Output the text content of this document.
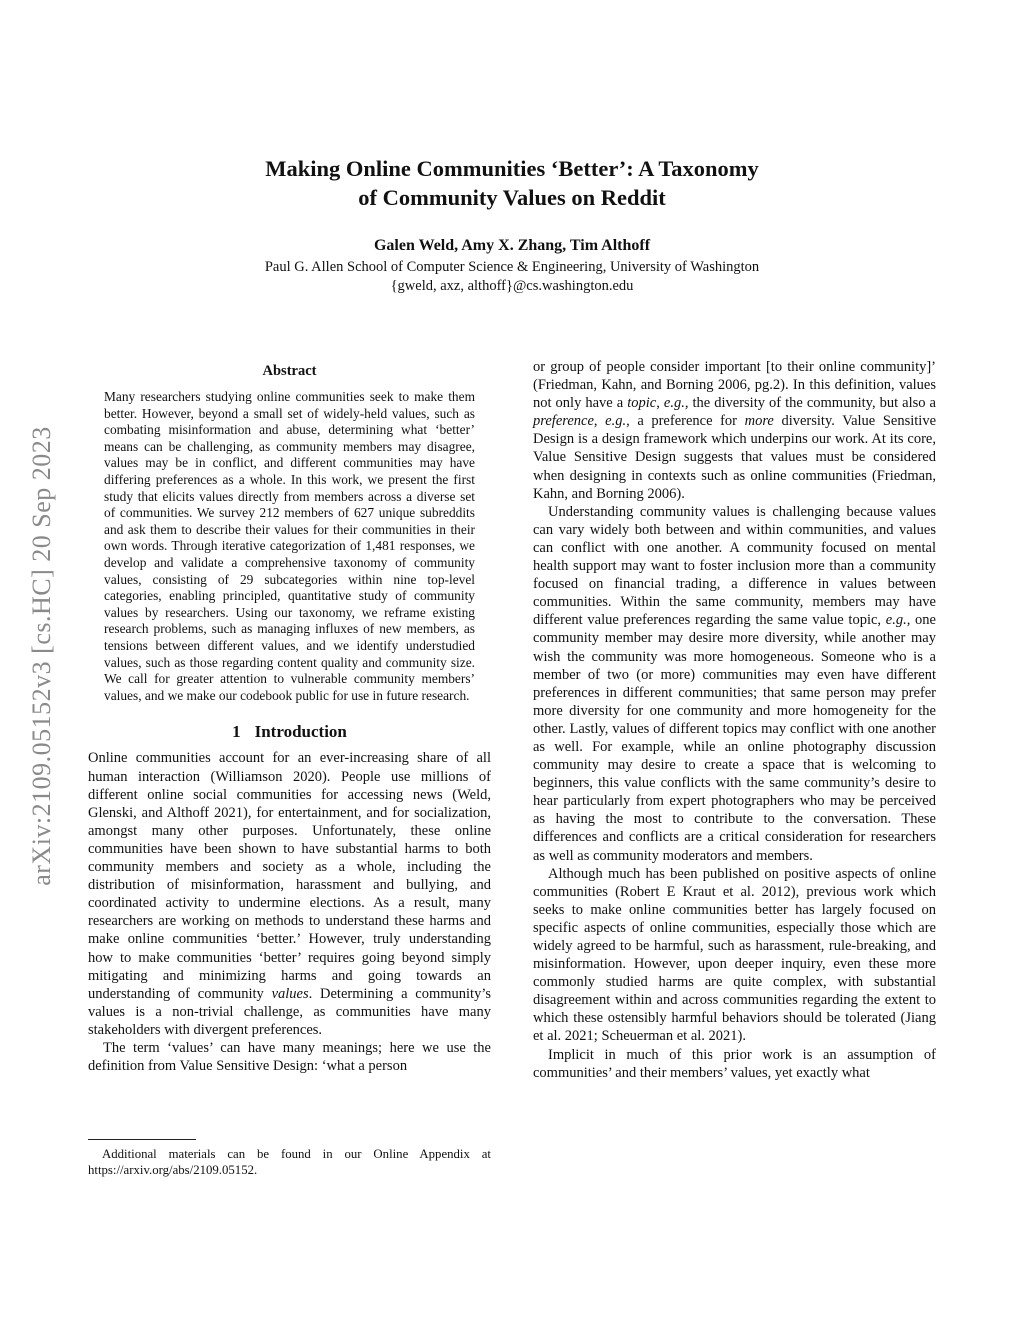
arXiv:2109.05152v3 [cs.HC] 20 Sep 2023
Making Online Communities ‘Better’: A Taxonomy
of Community Values on Reddit
Galen Weld, Amy X. Zhang, Tim Althoff
Paul G. Allen School of Computer Science & Engineering, University of Washington
{gweld, axz, althoff}@cs.washington.edu
Abstract

Many researchers studying online communities seek to make them better. However, beyond a small set of widely-held values, such as combating misinformation and abuse, determining what ‘better’ means can be challenging, as community members may disagree, values may be in conflict, and different communities may have differing preferences as a whole. In this work, we present the first study that elicits values directly from members across a diverse set of communities. We survey 212 members of 627 unique subreddits and ask them to describe their values for their communities in their own words. Through iterative categorization of 1,481 responses, we develop and validate a comprehensive taxonomy of community values, consisting of 29 subcategories within nine top-level categories, enabling principled, quantitative study of community values by researchers. Using our taxonomy, we reframe existing research problems, such as managing influxes of new members, as tensions between different values, and we identify understudied values, such as those regarding content quality and community size. We call for greater attention to vulnerable community members’ values, and we make our codebook public for use in future research.

1 Introduction

Online communities account for an ever-increasing share of all human interaction (Williamson 2020). People use millions of different online social communities for accessing news (Weld, Glenski, and Althoff 2021), for entertainment, and for socialization, amongst many other purposes. Unfortunately, these online communities have been shown to have substantial harms to both community members and society as a whole, including the distribution of misinformation, harassment and bullying, and coordinated activity to undermine elections. As a result, many researchers are working on methods to understand these harms and make online communities ‘better.’ However, truly understanding how to make communities ‘better’ requires going beyond simply mitigating and minimizing harms and going towards an understanding of community values. Determining a community’s values is a non-trivial challenge, as communities have many stakeholders with divergent preferences.

The term ‘values’ can have many meanings; here we use the definition from Value Sensitive Design: ‘what a person

Additional materials can be found in our Online Appendix at https://arxiv.org/abs/2109.05152.

or group of people consider important [to their online community]’ (Friedman, Kahn, and Borning 2006, pg.2). In this definition, values not only have a topic, e.g., the diversity of the community, but also a preference, e.g., a preference for more diversity. Value Sensitive Design is a design framework which underpins our work. At its core, Value Sensitive Design suggests that values must be considered when designing in contexts such as online communities (Friedman, Kahn, and Borning 2006).

Understanding community values is challenging because values can vary widely both between and within communities, and values can conflict with one another. A community focused on mental health support may want to foster inclusion more than a community focused on financial trading, a difference in values between communities. Within the same community, members may have different value preferences regarding the same value topic, e.g., one community member may desire more diversity, while another may wish the community was more homogeneous. Someone who is a member of two (or more) communities may even have different preferences in different communities; that same person may prefer more diversity for one community and more homogeneity for the other. Lastly, values of different topics may conflict with one another as well. For example, while an online photography discussion community may desire to create a space that is welcoming to beginners, this value conflicts with the same community’s desire to hear particularly from expert photographers who may be perceived as having the most to contribute to the conversation. These differences and conflicts are a critical consideration for researchers as well as community moderators and members.

Although much has been published on positive aspects of online communities (Robert E Kraut et al. 2012), previous work which seeks to make online communities better has largely focused on specific aspects of online communities, especially those which are widely agreed to be harmful, such as harassment, rule-breaking, and misinformation. However, upon deeper inquiry, even these more commonly studied harms are quite complex, with substantial disagreement within and across communities regarding the extent to which these ostensibly harmful behaviors should be tolerated (Jiang et al. 2021; Scheuerman et al. 2021).

Implicit in much of this prior work is an assumption of communities’ and their members’ values, yet exactly what
